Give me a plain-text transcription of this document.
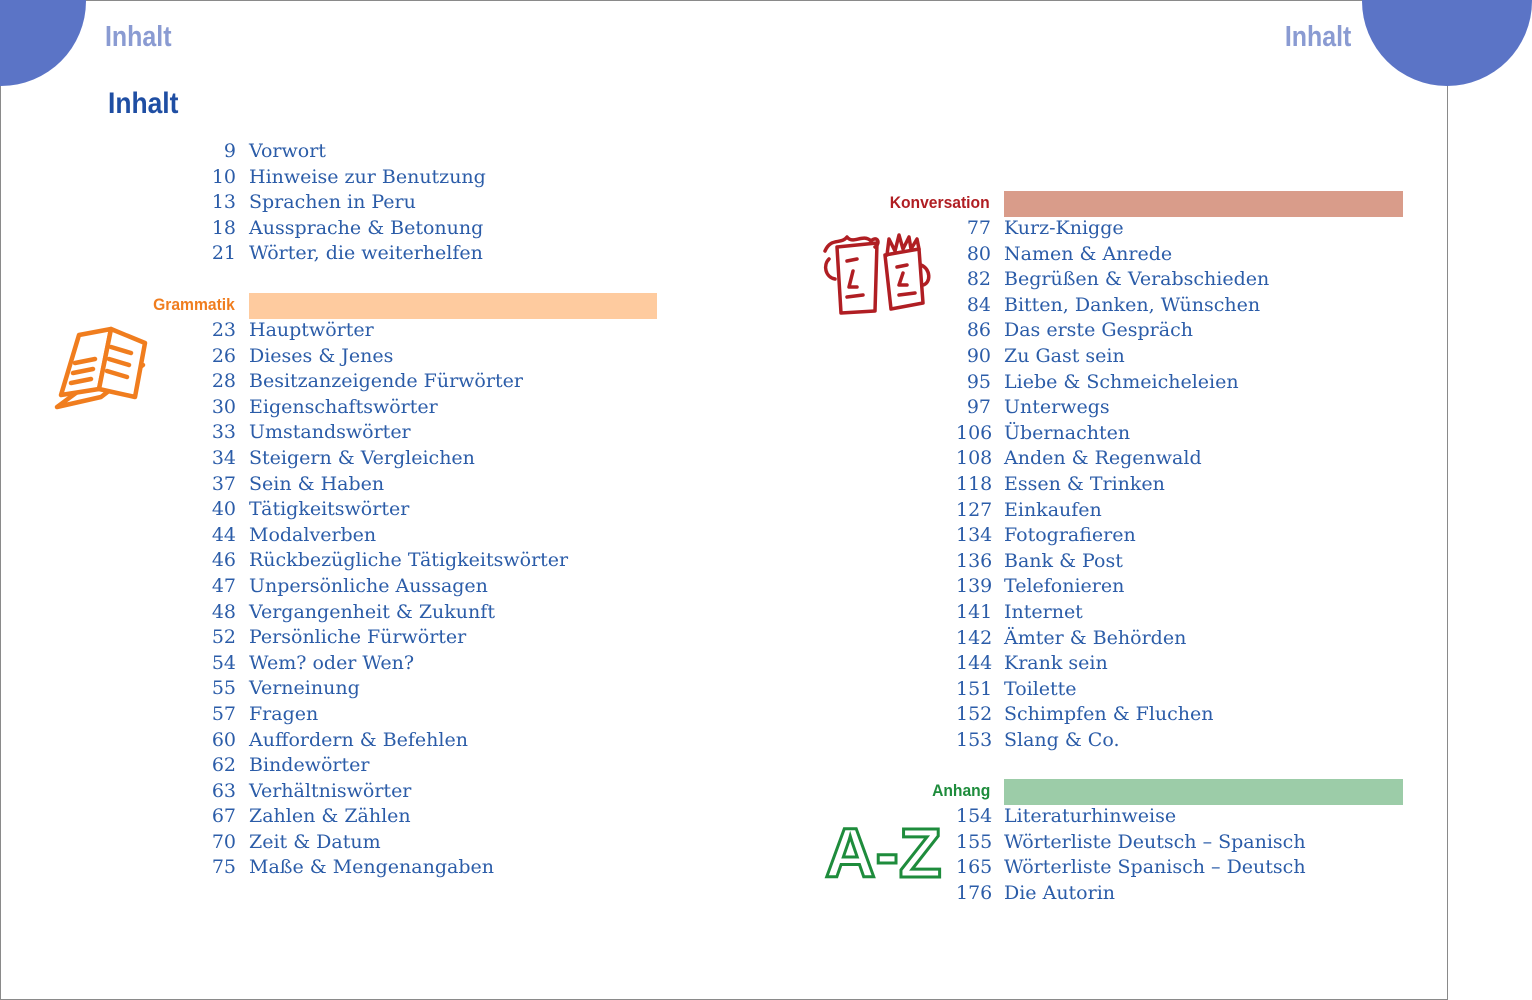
Inhalt	Inhalt
Inhalt
9 Vorwort
10 Hinweise zur Benutzung
13 Sprachen in Peru
18 Aussprache & Betonung
21 Wörter, die weiterhelfen
Grammatik
23 Hauptwörter
26 Dieses & Jenes
28 Besitzanzeigende Fürwörter
30 Eigenschaftswörter
33 Umstandswörter
34 Steigern & Vergleichen
37 Sein & Haben
40 Tätigkeitswörter
44 Modalverben
46 Rückbezügliche Tätigkeitswörter
47 Unpersönliche Aussagen
48 Vergangenheit & Zukunft
52 Persönliche Fürwörter
54 Wem? oder Wen?
55 Verneinung
57 Fragen
60 Auffordern & Befehlen
62 Bindewörter
63 Verhältniswörter
67 Zahlen & Zählen
70 Zeit & Datum
75 Maße & Mengenangaben
Konversation
77 Kurz-Knigge
80 Namen & Anrede
82 Begrüßen & Verabschieden
84 Bitten, Danken, Wünschen
86 Das erste Gespräch
90 Zu Gast sein
95 Liebe & Schmeicheleien
97 Unterwegs
106 Übernachten
108 Anden & Regenwald
118 Essen & Trinken
127 Einkaufen
134 Fotografieren
136 Bank & Post
139 Telefonieren
141 Internet
142 Ämter & Behörden
144 Krank sein
151 Toilette
152 Schimpfen & Fluchen
153 Slang & Co.
Anhang
A-Z 154 Literaturhinweise
155 Wörterliste Deutsch – Spanisch
165 Wörterliste Spanisch – Deutsch
176 Die Autorin
